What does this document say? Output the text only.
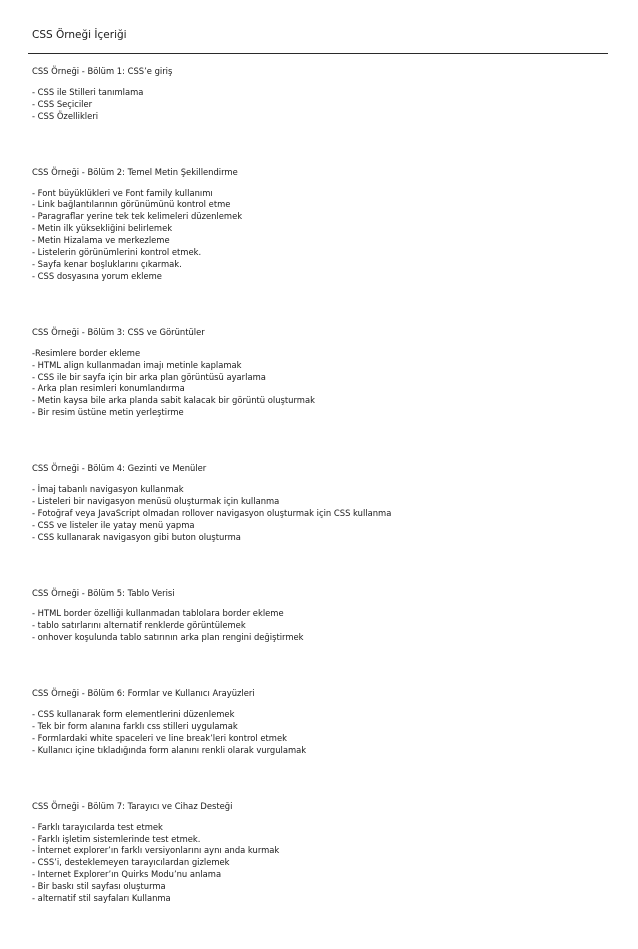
CSS Örneği İçeriği
CSS Örneği - Bölüm 1: CSS’e giriş
- CSS ile Stilleri tanımlama
- CSS Seçiciler
- CSS Özellikleri
CSS Örneği - Bölüm 2: Temel Metin Şekillendirme
- Font büyüklükleri ve Font family kullanımı
- Link bağlantılarının görünümünü kontrol etme
- Paragraflar yerine tek tek kelimeleri düzenlemek
- Metin ilk yüksekliğini belirlemek
- Metin Hizalama ve merkezleme
- Listelerin görünümlerini kontrol etmek.
- Sayfa kenar boşluklarını çıkarmak.
- CSS dosyasına yorum ekleme
CSS Örneği - Bölüm 3: CSS ve Görüntüler
-Resimlere border ekleme
- HTML align kullanmadan imajı metinle kaplamak
- CSS ile bir sayfa için bir arka plan görüntüsü ayarlama
- Arka plan resimleri konumlandırma
- Metin kaysa bile arka planda sabit kalacak bir görüntü oluşturmak
- Bir resim üstüne metin yerleştirme
CSS Örneği - Bölüm 4: Gezinti ve Menüler
- İmaj tabanlı navigasyon kullanmak
- Listeleri bir navigasyon menüsü oluşturmak için kullanma
- Fotoğraf veya JavaScript olmadan rollover navigasyon oluşturmak için CSS kullanma
- CSS ve listeler ile yatay menü yapma
- CSS kullanarak navigasyon gibi buton oluşturma
CSS Örneği - Bölüm 5: Tablo Verisi
- HTML border özelliği kullanmadan tablolara border ekleme
- tablo satırlarını alternatif renklerde görüntülemek
- onhover koşulunda tablo satırının arka plan rengini değiştirmek
CSS Örneği - Bölüm 6: Formlar ve Kullanıcı Arayüzleri
- CSS kullanarak form elementlerini düzenlemek
- Tek bir form alanına farklı css stilleri uygulamak
- Formlardaki white spaceleri ve line break’leri kontrol etmek
- Kullanıcı içine tıkladığında form alanını renkli olarak vurgulamak
CSS Örneği - Bölüm 7: Tarayıcı ve Cihaz Desteği
- Farklı tarayıcılarda test etmek
- Farklı işletim sistemlerinde test etmek.
- İnternet explorer’ın farklı versiyonlarını aynı anda kurmak
- CSS’i, desteklemeyen tarayıcılardan gizlemek
- Internet Explorer’ın Quirks Modu’nu anlama
- Bir baskı stil sayfası oluşturma
- alternatif stil sayfaları Kullanma
